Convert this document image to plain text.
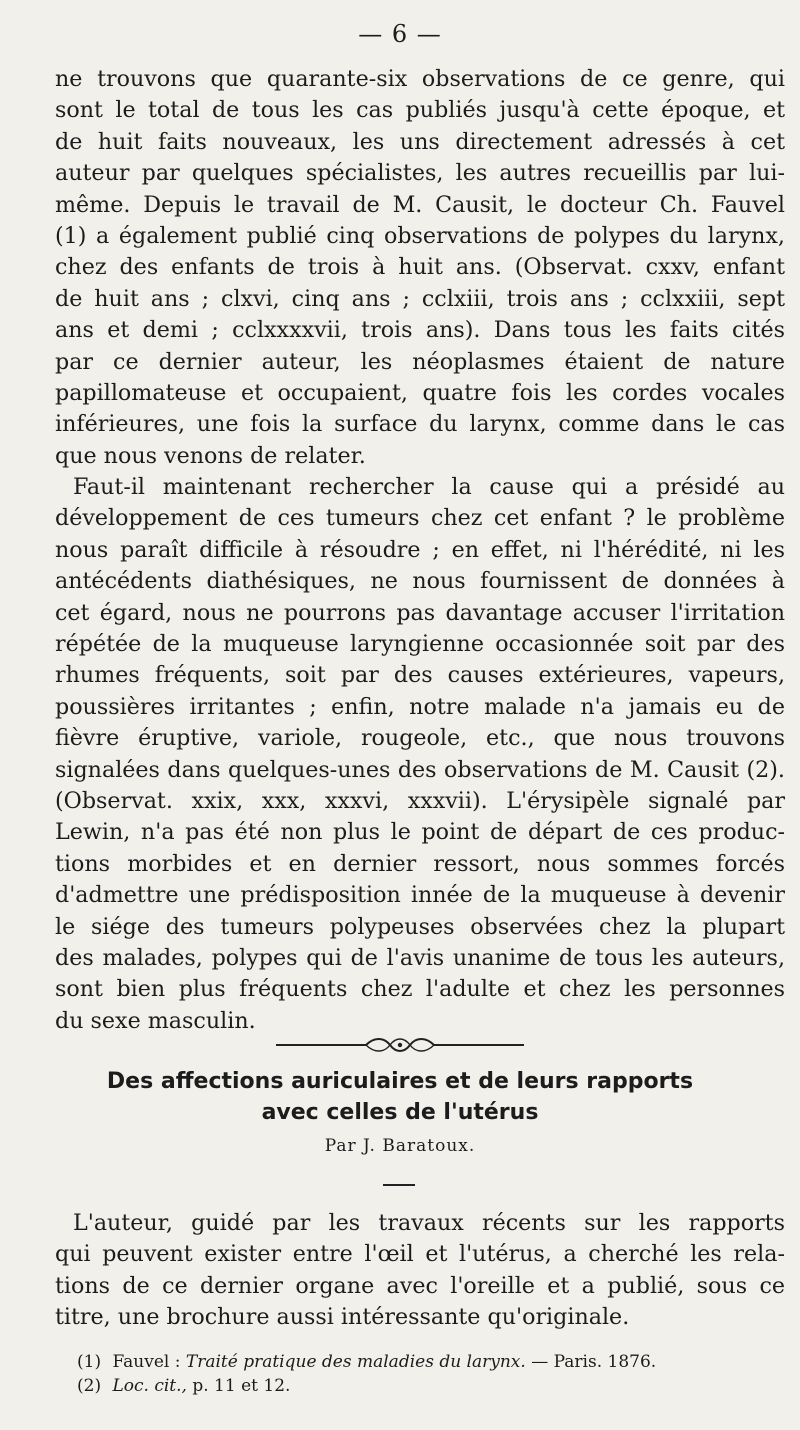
— 6 —
ne trouvons que quarante-six observations de ce genre, qui
sont le total de tous les cas publiés jusqu'à cette époque, et
de huit faits nouveaux, les uns directement adressés à cet
auteur par quelques spécialistes, les autres recueillis par lui-
même. Depuis le travail de M. Causit, le docteur Ch. Fauvel
(1) a également publié cinq observations de polypes du larynx,
chez des enfants de trois à huit ans. (Observat. cxxv, enfant
de huit ans ; clxvi, cinq ans ; cclxiii, trois ans ; cclxxiii, sept
ans et demi ; cclxxxxvii, trois ans). Dans tous les faits cités
par ce dernier auteur, les néoplasmes étaient de nature
papillomateuse et occupaient, quatre fois les cordes vocales
inférieures, une fois la surface du larynx, comme dans le cas
que nous venons de relater.
Faut-il maintenant rechercher la cause qui a présidé au
développement de ces tumeurs chez cet enfant ? le problème
nous paraît difficile à résoudre ; en effet, ni l'hérédité, ni les
antécédents diathésiques, ne nous fournissent de données à
cet égard, nous ne pourrons pas davantage accuser l'irritation
répétée de la muqueuse laryngienne occasionnée soit par des
rhumes fréquents, soit par des causes extérieures, vapeurs,
poussières irritantes ; enfin, notre malade n'a jamais eu de
fièvre éruptive, variole, rougeole, etc., que nous trouvons
signalées dans quelques-unes des observations de M. Causit (2).
(Observat. xxix, xxx, xxxvi, xxxvii). L'érysipèle signalé par
Lewin, n'a pas été non plus le point de départ de ces produc-
tions morbides et en dernier ressort, nous sommes forcés
d'admettre une prédisposition innée de la muqueuse à devenir
le siége des tumeurs polypeuses observées chez la plupart
des malades, polypes qui de l'avis unanime de tous les auteurs,
sont bien plus fréquents chez l'adulte et chez les personnes
du sexe masculin.
Des affections auriculaires et de leurs rapports
avec celles de l'utérus
Par J. Baratoux.
L'auteur, guidé par les travaux récents sur les rapports
qui peuvent exister entre l'œil et l'utérus, a cherché les rela-
tions de ce dernier organe avec l'oreille et a publié, sous ce
titre, une brochure aussi intéressante qu'originale.
(1) Fauvel : Traité pratique des maladies du larynx. — Paris. 1876.
(2) Loc. cit., p. 11 et 12.
